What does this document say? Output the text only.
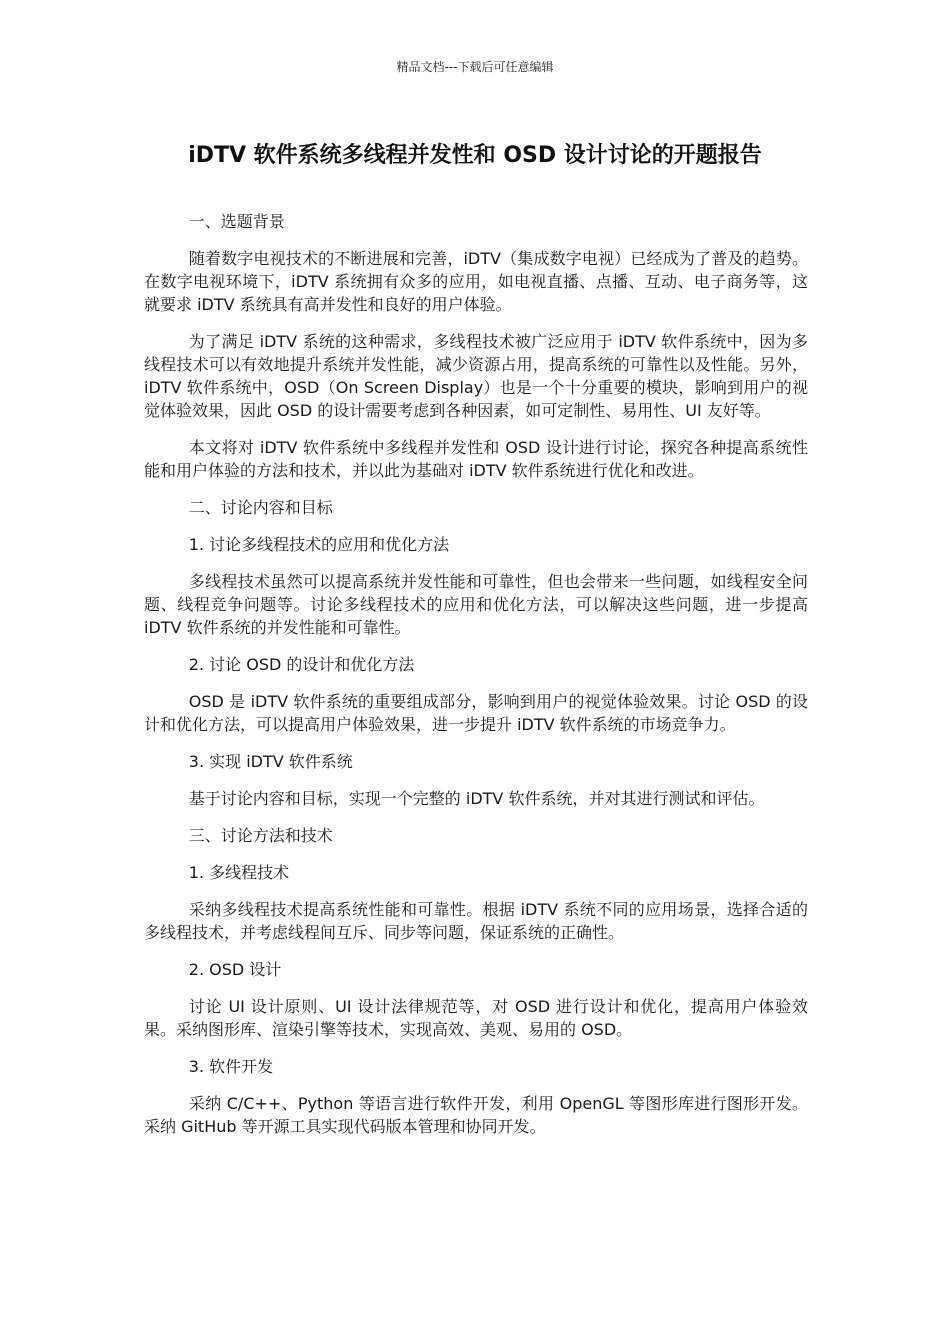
精品文档---下载后可任意编辑
iDTV 软件系统多线程并发性和 OSD 设计讨论的开题报告

一、选题背景

随着数字电视技术的不断进展和完善，iDTV（集成数字电视）已经成为了普及的趋势。在数字电视环境下，iDTV 系统拥有众多的应用，如电视直播、点播、互动、电子商务等，这就要求 iDTV 系统具有高并发性和良好的用户体验。

为了满足 iDTV 系统的这种需求，多线程技术被广泛应用于 iDTV 软件系统中，因为多线程技术可以有效地提升系统并发性能，减少资源占用，提高系统的可靠性以及性能。另外，iDTV 软件系统中，OSD（On Screen Display）也是一个十分重要的模块，影响到用户的视觉体验效果，因此 OSD 的设计需要考虑到各种因素，如可定制性、易用性、UI 友好等。

本文将对 iDTV 软件系统中多线程并发性和 OSD 设计进行讨论，探究各种提高系统性能和用户体验的方法和技术，并以此为基础对 iDTV 软件系统进行优化和改进。

二、讨论内容和目标

1. 讨论多线程技术的应用和优化方法

多线程技术虽然可以提高系统并发性能和可靠性，但也会带来一些问题，如线程安全问题、线程竞争问题等。讨论多线程技术的应用和优化方法，可以解决这些问题，进一步提高 iDTV 软件系统的并发性能和可靠性。

2. 讨论 OSD 的设计和优化方法

OSD 是 iDTV 软件系统的重要组成部分，影响到用户的视觉体验效果。讨论 OSD 的设计和优化方法，可以提高用户体验效果，进一步提升 iDTV 软件系统的市场竞争力。

3. 实现 iDTV 软件系统

基于讨论内容和目标，实现一个完整的 iDTV 软件系统，并对其进行测试和评估。

三、讨论方法和技术

1. 多线程技术

采纳多线程技术提高系统性能和可靠性。根据 iDTV 系统不同的应用场景，选择合适的多线程技术，并考虑线程间互斥、同步等问题，保证系统的正确性。

2. OSD 设计

讨论 UI 设计原则、UI 设计法律规范等，对 OSD 进行设计和优化，提高用户体验效果。采纳图形库、渲染引擎等技术，实现高效、美观、易用的 OSD。

3. 软件开发

采纳 C/C++、Python 等语言进行软件开发，利用 OpenGL 等图形库进行图形开发。采纳 GitHub 等开源工具实现代码版本管理和协同开发。
